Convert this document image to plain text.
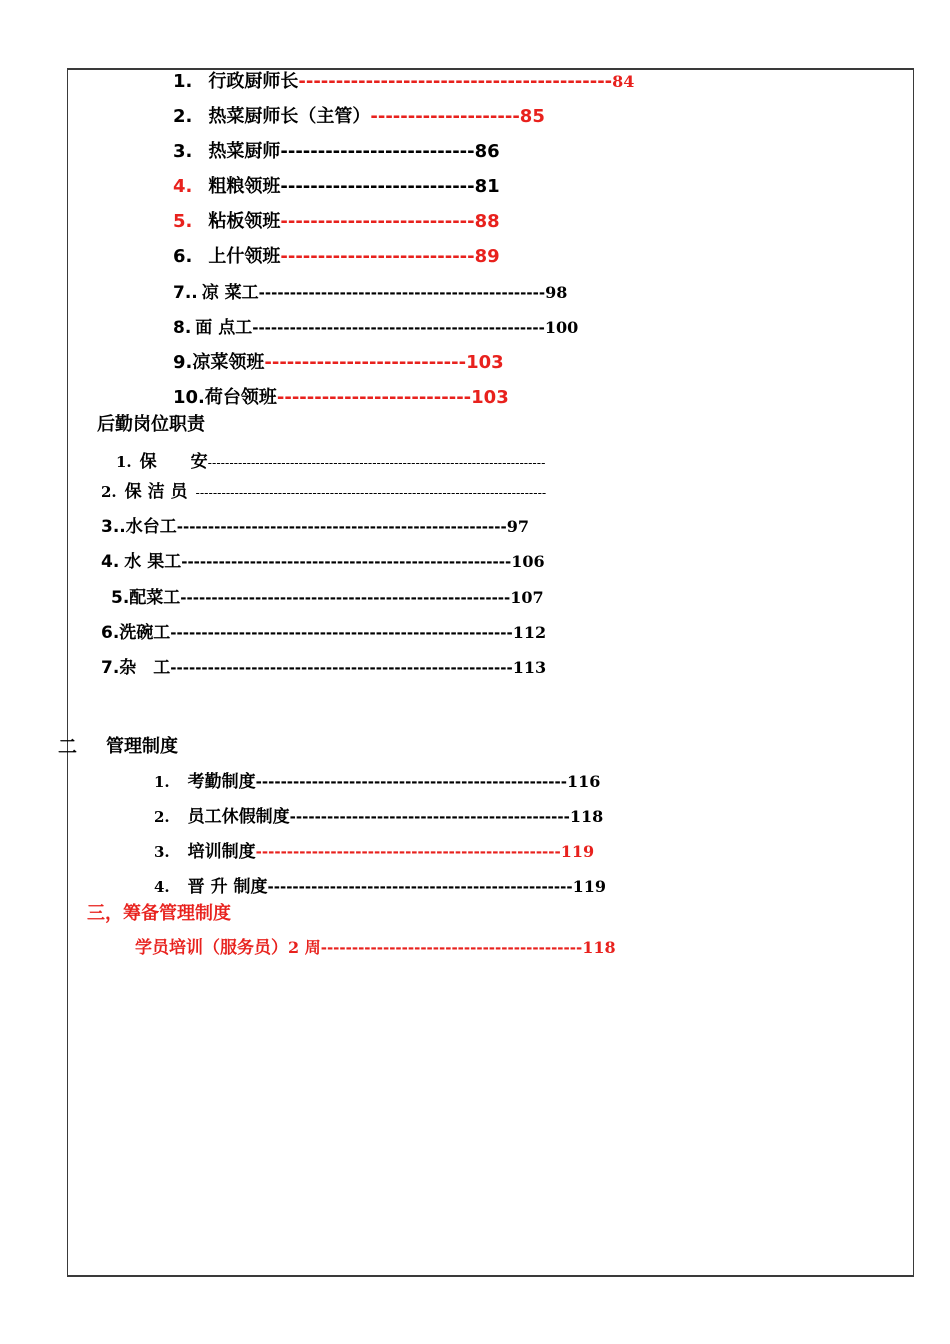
1. 行政厨师长------------------------------------------84
2. 热菜厨师长（主管）--------------------85
3. 热菜厨师--------------------------86
4. 粗粮领班--------------------------81
5. 粘板领班--------------------------88
6. 上什领班--------------------------89
7.. 凉 菜工----------------------------------------------98
8. 面 点工-----------------------------------------------100
9.凉菜领班---------------------------103
10.荷台领班--------------------------103
后勤岗位职责
1. 保　　安------------------------------------------------------------------------------
2. 保 洁 员 ---------------------------------------------------------------------------------
3..水台工-----------------------------------------------------97
4. 水 果工-----------------------------------------------------106
5.配菜工-----------------------------------------------------107
6.洗碗工-------------------------------------------------------112
7.杂　工-------------------------------------------------------113
二 管理制度
1. 考勤制度--------------------------------------------------116
2. 员工休假制度---------------------------------------------118
3. 培训制度-------------------------------------------------119
4. 晋 升 制度-------------------------------------------------119
三，筹备管理制度
学员培训（服务员）2 周------------------------------------------118
